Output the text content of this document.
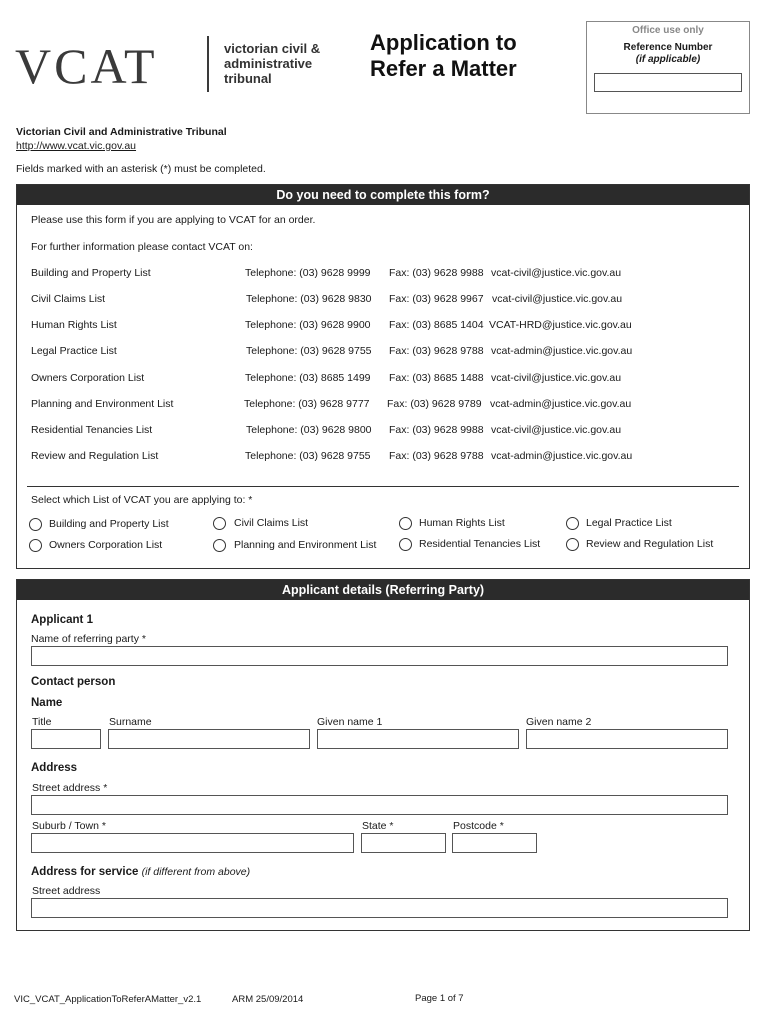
VCAT	victorian civil &
administrative
tribunal
Application to
Refer a Matter
Office use only
Reference Number
(if applicable)
Victorian Civil and Administrative Tribunal
http://www.vcat.vic.gov.au
Fields marked with an asterisk (*) must be completed.
Do you need to complete this form?
Please use this form if you are applying to VCAT for an order.
For further information please contact VCAT on:
Building and Property List	Telephone: (03) 9628 9999 Fax: (03) 9628 9988 vcat-civil@justice.vic.gov.au
Civil Claims List	Telephone: (03) 9628 9830 Fax: (03) 9628 9967 vcat-civil@justice.vic.gov.au
Human Rights List	Telephone: (03) 9628 9900 Fax: (03) 8685 1404 VCAT-HRD@justice.vic.gov.au
Legal Practice List	Telephone: (03) 9628 9755 Fax: (03) 9628 9788 vcat-admin@justice.vic.gov.au
Owners Corporation List	Telephone: (03) 8685 1499 Fax: (03) 8685 1488 vcat-civil@justice.vic.gov.au
Planning and Environment List	Telephone: (03) 9628 9777 Fax: (03) 9628 9789 vcat-admin@justice.vic.gov.au
Residential Tenancies List	Telephone: (03) 9628 9800 Fax: (03) 9628 9988 vcat-civil@justice.vic.gov.au
Review and Regulation List	Telephone: (03) 9628 9755 Fax: (03) 9628 9788 vcat-admin@justice.vic.gov.au
Select which List of VCAT you are applying to: *
Building and Property List	Civil Claims List	Human Rights List	Legal Practice List
Owners Corporation List	Planning and Environment List	Residential Tenancies List	Review and Regulation List
Applicant details (Referring Party)
Applicant 1
Name of referring party *
Contact person
Name
Title	Surname	Given name 1	Given name 2
Address
Street address *
Suburb / Town *	State *	Postcode *
Address for service (if different from above)
Street address
VIC_VCAT_ApplicationToReferAMatter_v2.1	ARM 25/09/2014	Page 1 of 7
